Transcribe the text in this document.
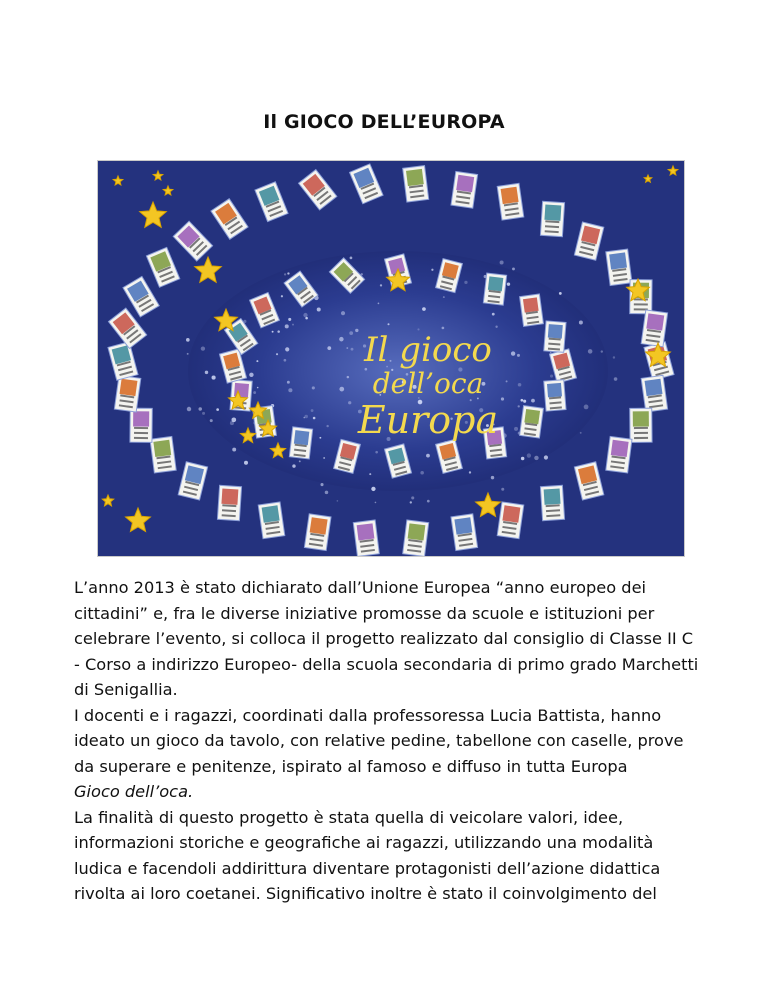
Il GIOCO DELL’EUROPA
Il gioco
dell’oca
Europa

L’anno 2013 è stato dichiarato dall’Unione Europea “anno europeo dei cittadini” e, fra le diverse iniziative promosse da scuole e istituzioni per celebrare l’evento, si colloca il progetto realizzato dal consiglio di Classe II C - Corso a indirizzo Europeo- della scuola secondaria di primo grado Marchetti di Senigallia.

I docenti e i ragazzi, coordinati dalla professoressa Lucia Battista, hanno ideato un gioco da tavolo, con relative pedine, tabellone con caselle, prove da superare e penitenze, ispirato al famoso e diffuso in tutta Europa
Gioco dell’oca.

La finalità di questo progetto è stata quella di veicolare valori, idee, informazioni storiche e geografiche ai ragazzi, utilizzando una modalità ludica e facendoli addirittura diventare protagonisti dell’azione didattica rivolta ai loro coetanei. Significativo inoltre è stato il coinvolgimento del
